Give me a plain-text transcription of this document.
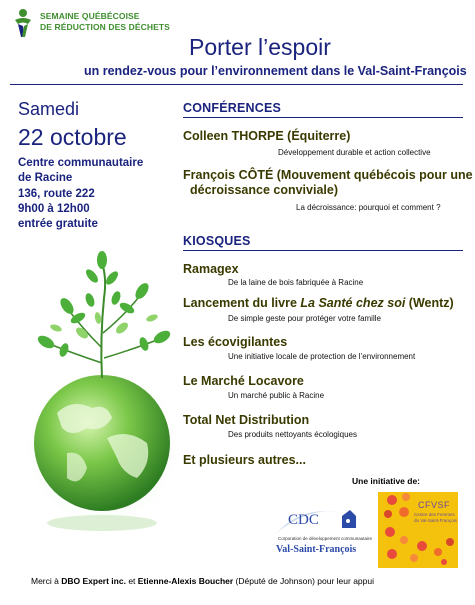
SEMAINE QUÉBÉCOISE
DE RÉDUCTION DES DÉCHETS
Porter l’espoir
un rendez-vous pour l’environnement dans le Val-Saint-François
Samedi
22 octobre
Centre communautaire
de Racine
136, route 222
9h00 à 12h00
entrée gratuite
CONFÉRENCES
Colleen THORPE (Équiterre)
Développement durable et action collective
François CÔTÉ (Mouvement québécois pour une
décroissance conviviale)
La décroissance: pourquoi et comment ?
KIOSQUES
Ramagex
De la laine de bois fabriquée à Racine
Lancement du livre La Santé chez soi (Wentz)
De simple geste pour protéger votre famille
Les écovigilantes
Une initiative locale de protection de l’environnement
Le Marché Locavore
Un marché public à Racine
Total Net Distribution
Des produits nettoyants écologiques
Et plusieurs autres...
Une initiative de:
CDC
Corporation de développement communautaire
Val-Saint-François
CFVSF
Centre des Femmes
du Val-Saint-François
Merci à DBO Expert inc. et Etienne-Alexis Boucher (Député de Johnson) pour leur appui
